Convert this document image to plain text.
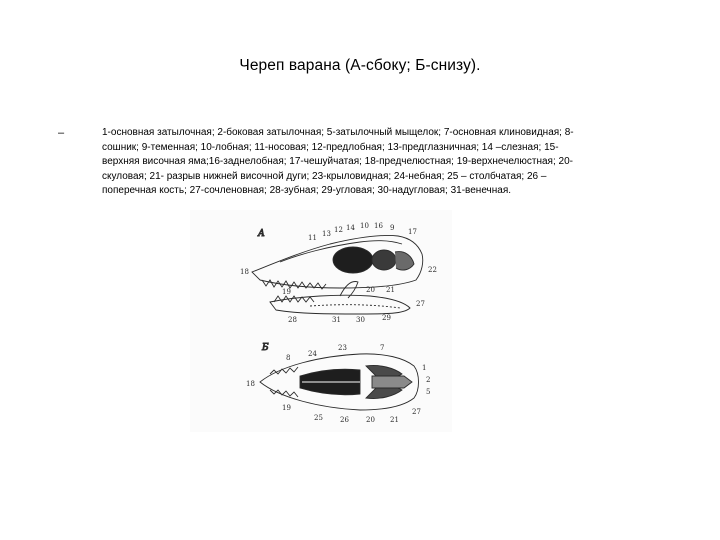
Череп варана (А-сбоку; Б-снизу).
–	1-основная затылочная; 2-боковая затылочная; 5-затылочный мыщелок; 7-основная клиновидная; 8-
сошник; 9-теменная; 10-лобная; 11-носовая; 12-предлобная; 13-предглазничная; 14 –слезная; 15-
верхняя височная яма;16-заднелобная; 17-чешуйчатая; 18-предчелюстная; 19-верхнечелюстная; 20-
скуловая; 21- разрыв нижней височной дуги; 23-крыловидная; 24-небная; 25 – столбчатая; 26 –
поперечная кость; 27-сочленовная; 28-зубная; 29-угловая; 30-надугловая; 31-венечная.
А
18
11 13 12 14 10 16 9 17
22
19	20 21
27
28	31 30 29
Б
18
8	24
23	7
1
2
5
19
25 26
27
20 21
